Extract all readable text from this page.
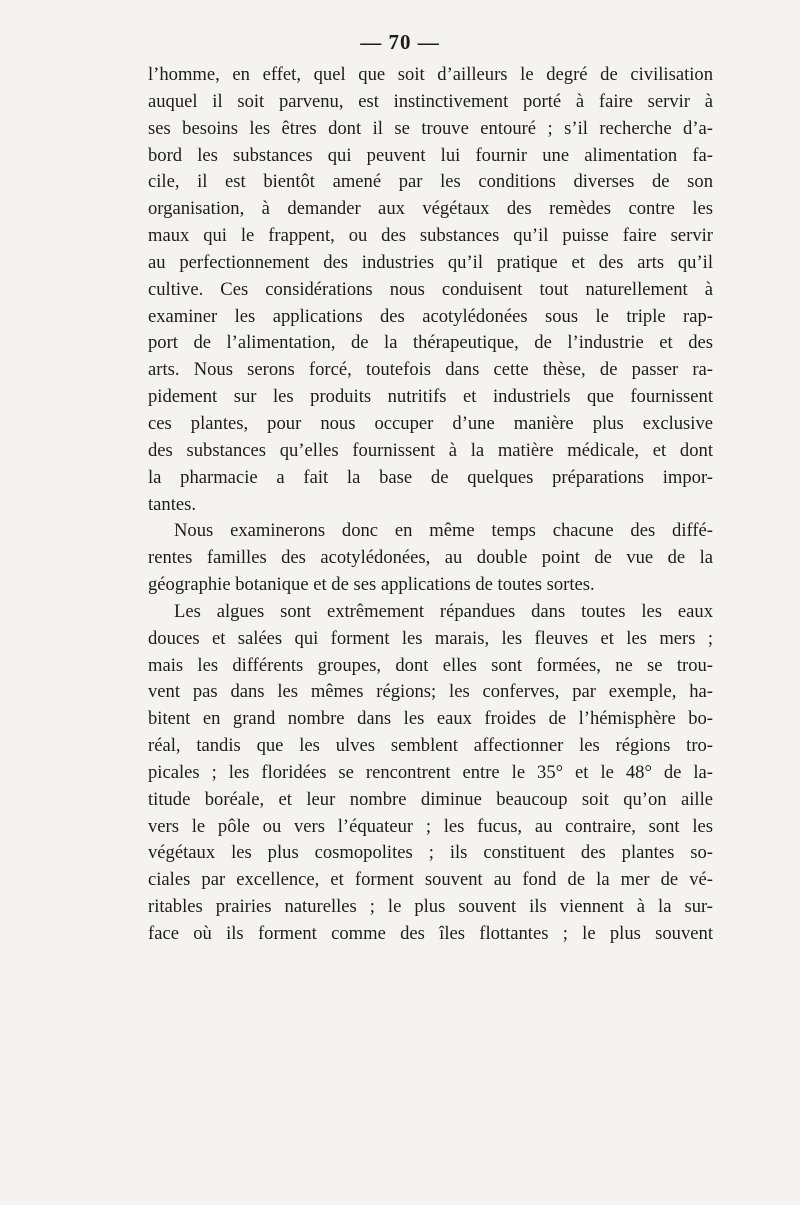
— 70 —
l’homme, en effet, quel que soit d’ailleurs le degré de civilisation
auquel il soit parvenu, est instinctivement porté à faire servir à
ses besoins les êtres dont il se trouve entouré ; s’il recherche d’a-
bord les substances qui peuvent lui fournir une alimentation fa-
cile, il est bientôt amené par les conditions diverses de son
organisation, à demander aux végétaux des remèdes contre les
maux qui le frappent, ou des substances qu’il puisse faire servir
au perfectionnement des industries qu’il pratique et des arts qu’il
cultive. Ces considérations nous conduisent tout naturellement à
examiner les applications des acotylédonées sous le triple rap-
port de l’alimentation, de la thérapeutique, de l’industrie et des
arts. Nous serons forcé, toutefois dans cette thèse, de passer ra-
pidement sur les produits nutritifs et industriels que fournissent
ces plantes, pour nous occuper d’une manière plus exclusive
des substances qu’elles fournissent à la matière médicale, et dont
la pharmacie a fait la base de quelques préparations impor-
tantes.
Nous examinerons donc en même temps chacune des diffé-
rentes familles des acotylédonées, au double point de vue de la
géographie botanique et de ses applications de toutes sortes.
Les algues sont extrêmement répandues dans toutes les eaux
douces et salées qui forment les marais, les fleuves et les mers ;
mais les différents groupes, dont elles sont formées, ne se trou-
vent pas dans les mêmes régions; les conferves, par exemple, ha-
bitent en grand nombre dans les eaux froides de l’hémisphère bo-
réal, tandis que les ulves semblent affectionner les régions tro-
picales ; les floridées se rencontrent entre le 35° et le 48° de la-
titude boréale, et leur nombre diminue beaucoup soit qu’on aille
vers le pôle ou vers l’équateur ; les fucus, au contraire, sont les
végétaux les plus cosmopolites ; ils constituent des plantes so-
ciales par excellence, et forment souvent au fond de la mer de vé-
ritables prairies naturelles ; le plus souvent ils viennent à la sur-
face où ils forment comme des îles flottantes ; le plus souvent
